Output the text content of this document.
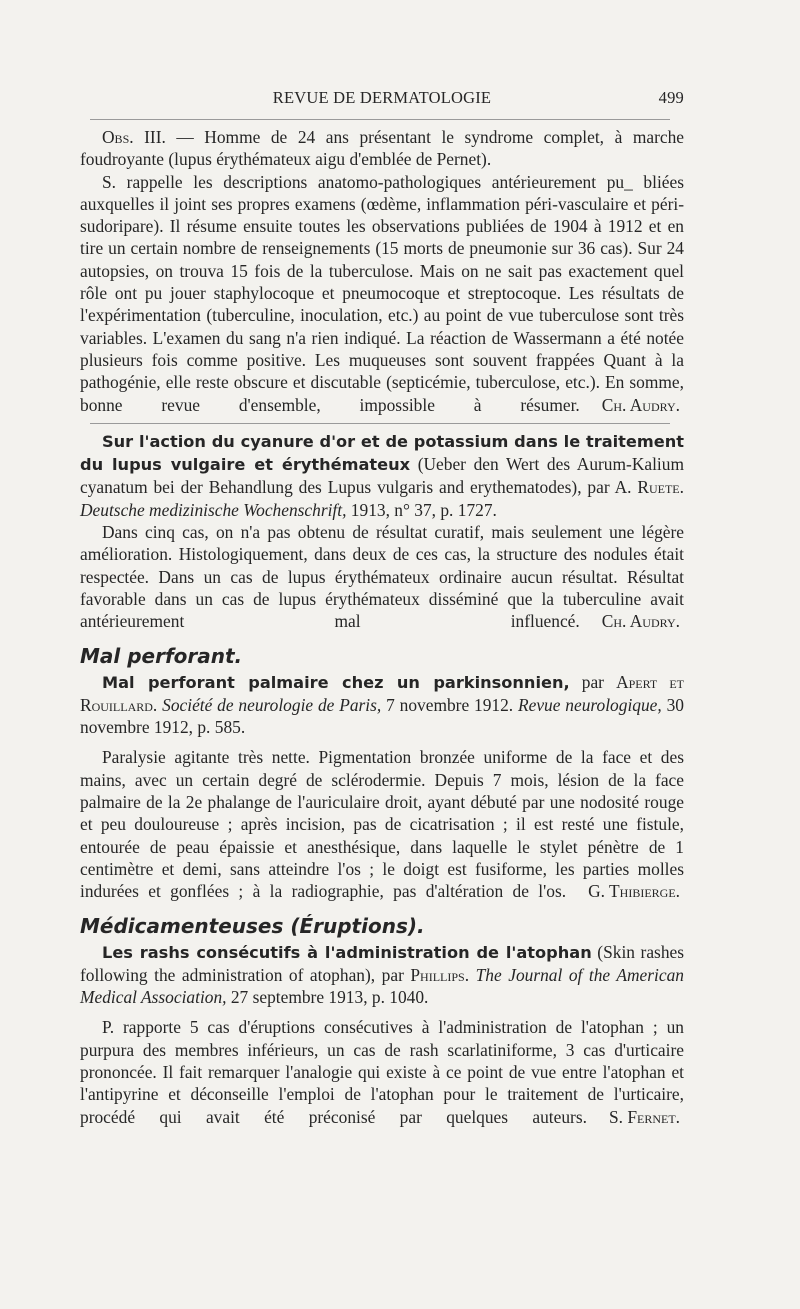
REVUE DE DERMATOLOGIE	499

Obs. III. — Homme de 24 ans présentant le syndrome complet, à marche foudroyante (lupus érythémateux aigu d'emblée de Pernet).

S. rappelle les descriptions anatomo-pathologiques antérieurement pu_ bliées auxquelles il joint ses propres examens (œdème, inflammation péri-vasculaire et péri-sudoripare). Il résume ensuite toutes les observations publiées de 1904 à 1912 et en tire un certain nombre de renseignements (15 morts de pneumonie sur 36 cas). Sur 24 autopsies, on trouva 15 fois de la tuberculose. Mais on ne sait pas exactement quel rôle ont pu jouer staphylocoque et pneumocoque et streptocoque. Les résultats de l'expérimentation (tuberculine, inoculation, etc.) au point de vue tuberculose sont très variables. L'examen du sang n'a rien indiqué. La réaction de Wassermann a été notée plusieurs fois comme positive. Les muqueuses sont souvent frappées Quant à la pathogénie, elle reste obscure et discutable (septicémie, tuberculose, etc.). En somme, bonne revue d'ensemble, impossible à résumer.	Ch. Audry.

Sur l'action du cyanure d'or et de potassium dans le traitement du lupus vulgaire et érythémateux (Ueber den Wert des Aurum-Kalium cyanatum bei der Behandlung des Lupus vulgaris and erythematodes), par A. Ruete. Deutsche medizinische Wochenschrift, 1913, n° 37, p. 1727.

Dans cinq cas, on n'a pas obtenu de résultat curatif, mais seulement une légère amélioration. Histologiquement, dans deux de ces cas, la structure des nodules était respectée. Dans un cas de lupus érythémateux ordinaire aucun résultat. Résultat favorable dans un cas de lupus érythémateux disséminé que la tuberculine avait antérieurement mal influencé.	Ch. Audry.

Mal perforant.

Mal perforant palmaire chez un parkinsonnien, par Apert et Rouillard. Société de neurologie de Paris, 7 novembre 1912. Revue neurologique, 30 novembre 1912, p. 585.

Paralysie agitante très nette. Pigmentation bronzée uniforme de la face et des mains, avec un certain degré de sclérodermie. Depuis 7 mois, lésion de la face palmaire de la 2e phalange de l'auriculaire droit, ayant débuté par une nodosité rouge et peu douloureuse ; après incision, pas de cicatrisation ; il est resté une fistule, entourée de peau épaissie et anesthésique, dans laquelle le stylet pénètre de 1 centimètre et demi, sans atteindre l'os ; le doigt est fusiforme, les parties molles indurées et gonflées ; à la radiographie, pas d'altération de l'os.	G. Thibierge.

Médicamenteuses (Éruptions).

Les rashs consécutifs à l'administration de l'atophan (Skin rashes following the administration of atophan), par Phillips. The Journal of the American Medical Association, 27 septembre 1913, p. 1040.

P. rapporte 5 cas d'éruptions consécutives à l'administration de l'atophan ; un purpura des membres inférieurs, un cas de rash scarlatiniforme, 3 cas d'urticaire prononcée. Il fait remarquer l'analogie qui existe à ce point de vue entre l'atophan et l'antipyrine et déconseille l'emploi de l'atophan pour le traitement de l'urticaire, procédé qui avait été préconisé par quelques auteurs.	S. Fernet.
